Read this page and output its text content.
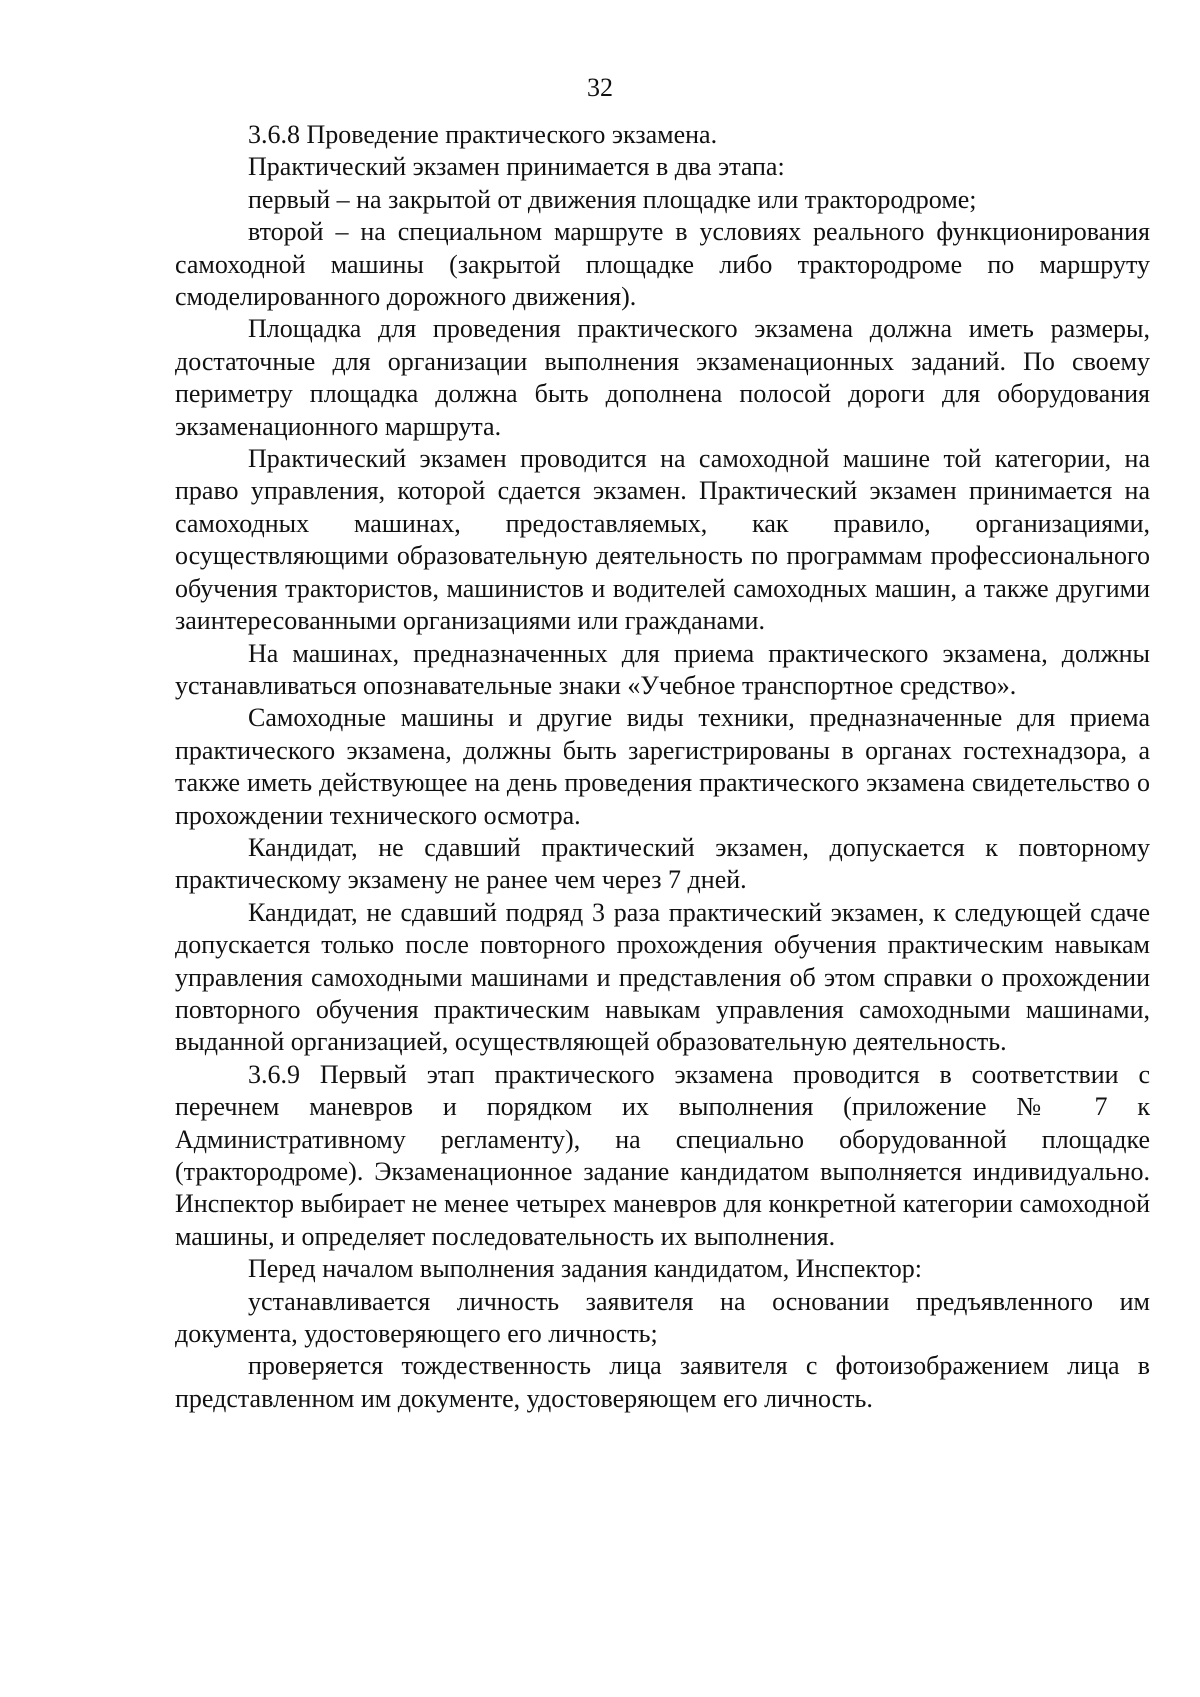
32

3.6.8 Проведение практического экзамена.

Практический экзамен принимается в два этапа:

первый – на закрытой от движения площадке или трактородроме;

второй – на специальном маршруте в условиях реального функционирования самоходной машины (закрытой площадке либо трактородроме по маршруту смоделированного дорожного движения).

Площадка для проведения практического экзамена должна иметь размеры, достаточные для организации выполнения экзаменационных заданий. По своему периметру площадка должна быть дополнена полосой дороги для оборудования экзаменационного маршрута.

Практический экзамен проводится на самоходной машине той категории, на право управления, которой сдается экзамен. Практический экзамен принимается на самоходных машинах, предоставляемых, как правило, организациями, осуществляющими образовательную деятельность по программам профессионального обучения трактористов, машинистов и водителей самоходных машин, а также другими заинтересованными организациями или гражданами.

На машинах, предназначенных для приема практического экзамена, должны устанавливаться опознавательные знаки «Учебное транспортное средство».

Самоходные машины и другие виды техники, предназначенные для приема практического экзамена, должны быть зарегистрированы в органах гостехнадзора, а также иметь действующее на день проведения практического экзамена свидетельство о прохождении технического осмотра.

Кандидат, не сдавший практический экзамен, допускается к повторному практическому экзамену не ранее чем через 7 дней.

Кандидат, не сдавший подряд 3 раза практический экзамен, к следующей сдаче допускается только после повторного прохождения обучения практическим навыкам управления самоходными машинами и представления об этом справки о прохождении повторного обучения практическим навыкам управления самоходными машинами, выданной организацией, осуществляющей образовательную деятельность.

3.6.9 Первый этап практического экзамена проводится в соответствии с перечнем маневров и порядком их выполнения (приложение № 7 к Административному регламенту), на специально оборудованной площадке (трактородроме). Экзаменационное задание кандидатом выполняется индивидуально. Инспектор выбирает не менее четырех маневров для конкретной категории самоходной машины, и определяет последовательность их выполнения.

Перед началом выполнения задания кандидатом, Инспектор:

устанавливается личность заявителя на основании предъявленного им документа, удостоверяющего его личность;

проверяется тождественность лица заявителя с фотоизображением лица в представленном им документе, удостоверяющем его личность.
